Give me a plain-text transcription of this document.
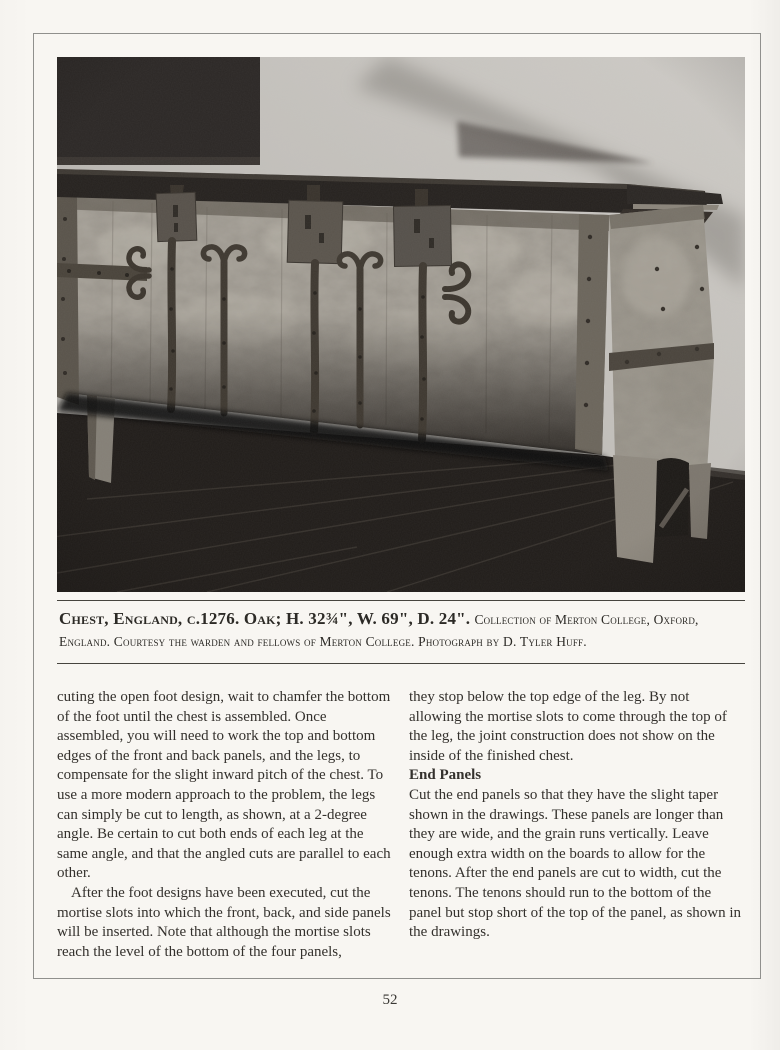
Chest, England, c.1276. Oak; H. 32¾", W. 69", D. 24". Collection of Merton College, Oxford, England. Courtesy the warden and fellows of Merton College. Photograph by D. Tyler Huff.

cuting the open foot design, wait to chamfer the bottom of the foot until the chest is assembled. Once assembled, you will need to work the top and bottom edges of the front and back panels, and the legs, to compensate for the slight inward pitch of the chest. To use a more modern approach to the problem, the legs can simply be cut to length, as shown, at a 2-degree angle. Be certain to cut both ends of each leg at the same angle, and that the angled cuts are parallel to each other.

After the foot designs have been executed, cut the mortise slots into which the front, back, and side panels will be inserted. Note that although the mortise slots reach the level of the bottom of the four panels,

they stop below the top edge of the leg. By not allowing the mortise slots to come through the top of the leg, the joint construction does not show on the inside of the finished chest.

End Panels

Cut the end panels so that they have the slight taper shown in the drawings. These panels are longer than they are wide, and the grain runs vertically. Leave enough extra width on the boards to allow for the tenons. After the end panels are cut to width, cut the tenons. The tenons should run to the bottom of the panel but stop short of the top of the panel, as shown in the drawings.

52
